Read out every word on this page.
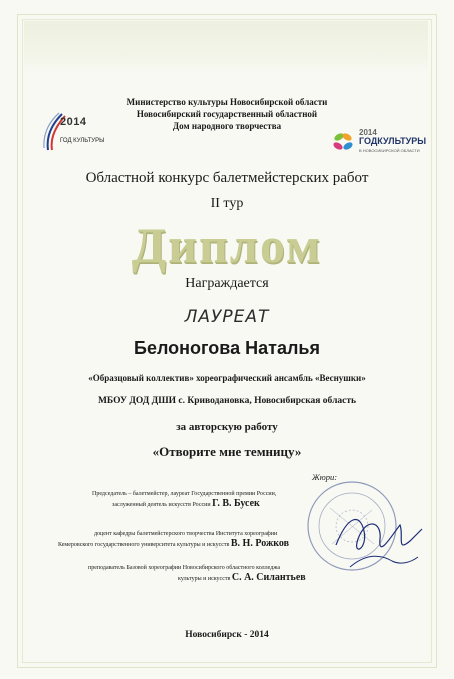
Министерство культуры Новосибирской области
Новосибирский государственный областной
Дом народного творчества
2014
ГОД КУЛЬТУРЫ
2014
ГОДКУЛЬТУРЫ
В НОВОСИБИРСКОЙ ОБЛАСТИ
Областной конкурс балетмейстерских работ
II тур
Диплом
Награждается
ЛАУРЕАТ
Белоногова Наталья
«Образцовый коллектив» хореографический ансамбль «Веснушки»
МБОУ ДОД ДШИ с. Криводановка, Новосибирская область
за авторскую работу
«Отворите мне темницу»
Жюри:
Председатель – балетмейстер, лауреат Государственной премии России,
заслуженный деятель искусств России Г. В. Бусек
доцент кафедры балетмейстерского творчества Института хореографии
Кемеровского государственного университета культуры и искусств В. Н. Рожков
преподаватель Базовой хореографии Новосибирского областного колледжа
культуры и искусств С. А. Силантьев
Новосибирск - 2014
